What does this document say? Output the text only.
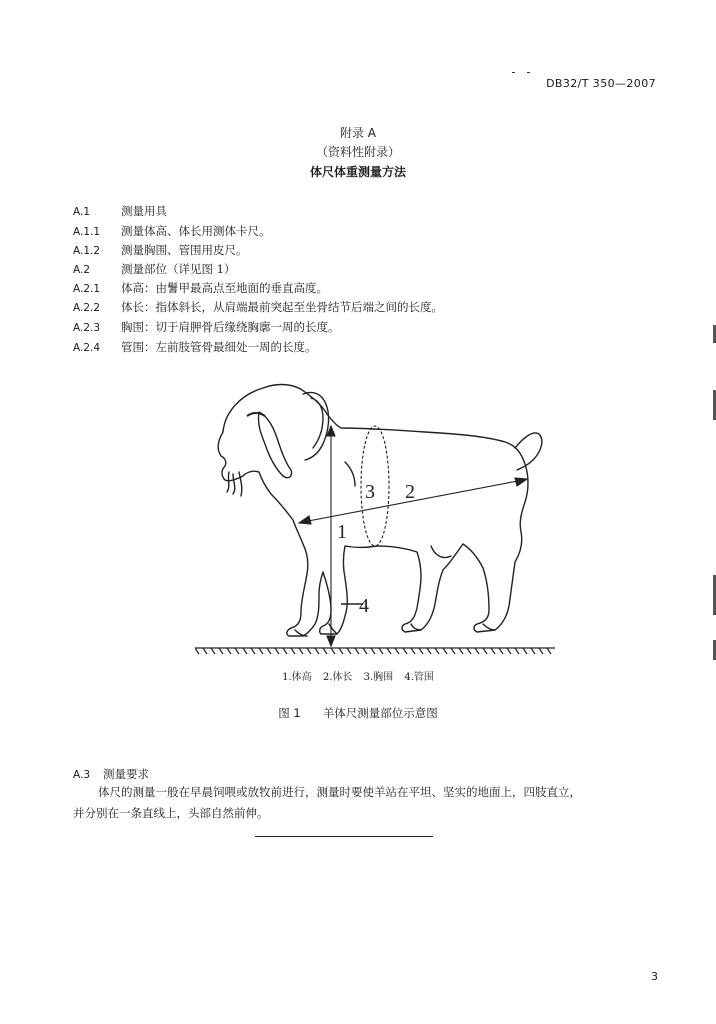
DB32/T 350—2007
附录 A
（资料性附录）
体尺体重测量方法
A.1	测量用具
A.1.1 测量体高、体长用测体卡尺。
A.1.2 测量胸围、管围用皮尺。
A.2	测量部位（详见图 1）
A.2.1 体高：由鬐甲最高点至地面的垂直高度。
A.2.2 体长：指体斜长，从肩端最前突起至坐骨结节后端之间的长度。
A.2.3 胸围：切于肩胛骨后缘绕胸廓一周的长度。
A.2.4 管围：左前肢管骨最细处一周的长度。
1
2
3
4
1.体高 2.体长 3.胸围 4.管围
图 1 羊体尺测量部位示意图
A.3 测量要求
体尺的测量一般在早晨饲喂或放牧前进行，测量时要使羊站在平坦、坚实的地面上，四肢直立，
并分别在一条直线上，头部自然前伸。
3
